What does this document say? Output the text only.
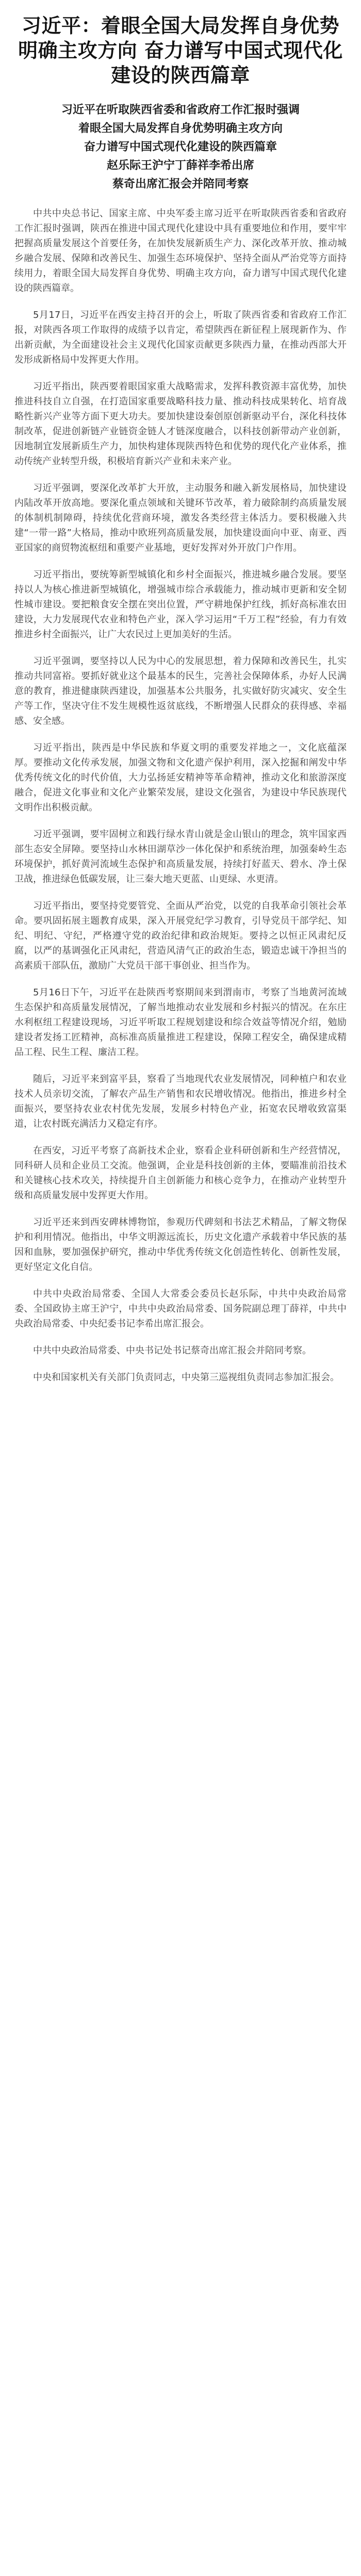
习近平：着眼全国大局发挥自身优势明确主攻方向 奋力谱写中国式现代化建设的陕西篇章
习近平在听取陕西省委和省政府工作汇报时强调
着眼全国大局发挥自身优势明确主攻方向
奋力谱写中国式现代化建设的陕西篇章
赵乐际王沪宁丁薛祥李希出席
蔡奇出席汇报会并陪同考察

中共中央总书记、国家主席、中央军委主席习近平在听取陕西省委和省政府工作汇报时强调，陕西在推进中国式现代化建设中具有重要地位和作用，要牢牢把握高质量发展这个首要任务，在加快发展新质生产力、深化改革开放、推动城乡融合发展、保障和改善民生、加强生态环境保护、坚持全面从严治党等方面持续用力，着眼全国大局发挥自身优势、明确主攻方向，奋力谱写中国式现代化建设的陕西篇章。

5月17日，习近平在西安主持召开的会上，听取了陕西省委和省政府工作汇报，对陕西各项工作取得的成绩予以肯定，希望陕西在新征程上展现新作为、作出新贡献，为全面建设社会主义现代化国家贡献更多陕西力量，在推动西部大开发形成新格局中发挥更大作用。

习近平指出，陕西要着眼国家重大战略需求，发挥科教资源丰富优势，加快推进科技自立自强，在打造国家重要战略科技力量、推动科技成果转化、培育战略性新兴产业等方面下更大功夫。要加快建设秦创原创新驱动平台，深化科技体制改革，促进创新链产业链资金链人才链深度融合，以科技创新带动产业创新，因地制宜发展新质生产力，加快构建体现陕西特色和优势的现代化产业体系，推动传统产业转型升级，积极培育新兴产业和未来产业。

习近平强调，要深化改革扩大开放，主动服务和融入新发展格局，加快建设内陆改革开放高地。要深化重点领域和关键环节改革，着力破除制约高质量发展的体制机制障碍，持续优化营商环境，激发各类经营主体活力。要积极融入共建“一带一路”大格局，推动中欧班列高质量发展，加快建设面向中亚、南亚、西亚国家的商贸物流枢纽和重要产业基地，更好发挥对外开放门户作用。

习近平指出，要统筹新型城镇化和乡村全面振兴，推进城乡融合发展。要坚持以人为核心推进新型城镇化，增强城市综合承载能力，推动城市更新和安全韧性城市建设。要把粮食安全摆在突出位置，严守耕地保护红线，抓好高标准农田建设，大力发展现代农业和特色产业，深入学习运用“千万工程”经验，有力有效推进乡村全面振兴，让广大农民过上更加美好的生活。

习近平强调，要坚持以人民为中心的发展思想，着力保障和改善民生，扎实推动共同富裕。要抓好就业这个最基本的民生，完善社会保障体系，办好人民满意的教育，推进健康陕西建设，加强基本公共服务，扎实做好防灾减灾、安全生产等工作，坚决守住不发生规模性返贫底线，不断增强人民群众的获得感、幸福感、安全感。

习近平指出，陕西是中华民族和华夏文明的重要发祥地之一，文化底蕴深厚。要推动文化传承发展，加强文物和文化遗产保护利用，深入挖掘和阐发中华优秀传统文化的时代价值，大力弘扬延安精神等革命精神，推动文化和旅游深度融合，促进文化事业和文化产业繁荣发展，建设文化强省，为建设中华民族现代文明作出积极贡献。

习近平强调，要牢固树立和践行绿水青山就是金山银山的理念，筑牢国家西部生态安全屏障。要坚持山水林田湖草沙一体化保护和系统治理，加强秦岭生态环境保护，抓好黄河流域生态保护和高质量发展，持续打好蓝天、碧水、净土保卫战，推进绿色低碳发展，让三秦大地天更蓝、山更绿、水更清。

习近平指出，要坚持党要管党、全面从严治党，以党的自我革命引领社会革命。要巩固拓展主题教育成果，深入开展党纪学习教育，引导党员干部学纪、知纪、明纪、守纪，严格遵守党的政治纪律和政治规矩。要持之以恒正风肃纪反腐，以严的基调强化正风肃纪，营造风清气正的政治生态，锻造忠诚干净担当的高素质干部队伍，激励广大党员干部干事创业、担当作为。

5月16日下午，习近平在赴陕西考察期间来到渭南市，考察了当地黄河流域生态保护和高质量发展情况，了解当地推动农业发展和乡村振兴的情况。在东庄水利枢纽工程建设现场，习近平听取工程规划建设和综合效益等情况介绍，勉励建设者发扬工匠精神，高标准高质量推进工程建设，保障工程安全，确保建成精品工程、民生工程、廉洁工程。

随后，习近平来到富平县，察看了当地现代农业发展情况，同种植户和农业技术人员亲切交流，了解农产品生产销售和农民增收情况。他指出，推进乡村全面振兴，要坚持农业农村优先发展，发展乡村特色产业，拓宽农民增收致富渠道，让农村既充满活力又稳定有序。

在西安，习近平考察了高新技术企业，察看企业科研创新和生产经营情况，同科研人员和企业员工交流。他强调，企业是科技创新的主体，要瞄准前沿技术和关键核心技术攻关，持续提升自主创新能力和核心竞争力，在推动产业转型升级和高质量发展中发挥更大作用。

习近平还来到西安碑林博物馆，参观历代碑刻和书法艺术精品，了解文物保护和利用情况。他指出，中华文明源远流长，历史文化遗产承载着中华民族的基因和血脉，要加强保护研究，推动中华优秀传统文化创造性转化、创新性发展，更好坚定文化自信。

中共中央政治局常委、全国人大常委会委员长赵乐际，中共中央政治局常委、全国政协主席王沪宁，中共中央政治局常委、国务院副总理丁薛祥，中共中央政治局常委、中央纪委书记李希出席汇报会。

中共中央政治局常委、中央书记处书记蔡奇出席汇报会并陪同考察。

中央和国家机关有关部门负责同志，中央第三巡视组负责同志参加汇报会。
